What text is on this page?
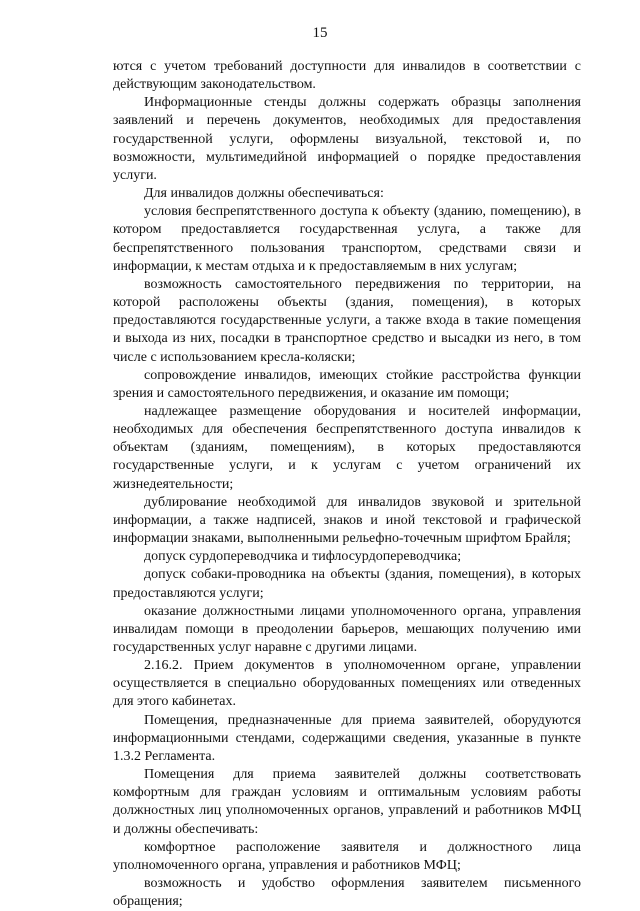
15

ются с учетом требований доступности для инвалидов в соответствии с действующим законодательством.

Информационные стенды должны содержать образцы заполнения заявлений и перечень документов, необходимых для предоставления государственной услуги, оформлены визуальной, текстовой и, по возможности, мультимедийной информацией о порядке предоставления услуги.

Для инвалидов должны обеспечиваться:

условия беспрепятственного доступа к объекту (зданию, помещению), в котором предоставляется государственная услуга, а также для беспрепятственного пользования транспортом, средствами связи и информации, к местам отдыха и к предоставляемым в них услугам;

возможность самостоятельного передвижения по территории, на которой расположены объекты (здания, помещения), в которых предоставляются государственные услуги, а также входа в такие помещения и выхода из них, посадки в транспортное средство и высадки из него, в том числе с использованием кресла-коляски;

сопровождение инвалидов, имеющих стойкие расстройства функции зрения и самостоятельного передвижения, и оказание им помощи;

надлежащее размещение оборудования и носителей информации, необходимых для обеспечения беспрепятственного доступа инвалидов к объектам (зданиям, помещениям), в которых предоставляются государственные услуги, и к услугам с учетом ограничений их жизнедеятельности;

дублирование необходимой для инвалидов звуковой и зрительной информации, а также надписей, знаков и иной текстовой и графической информации знаками, выполненными рельефно-точечным шрифтом Брайля;

допуск сурдопереводчика и тифлосурдопереводчика;

допуск собаки-проводника на объекты (здания, помещения), в которых предоставляются услуги;

оказание должностными лицами уполномоченного органа, управления инвалидам помощи в преодолении барьеров, мешающих получению ими государственных услуг наравне с другими лицами.

2.16.2. Прием документов в уполномоченном органе, управлении осуществляется в специально оборудованных помещениях или отведенных для этого кабинетах.

Помещения, предназначенные для приема заявителей, оборудуются информационными стендами, содержащими сведения, указанные в пункте 1.3.2 Регламента.

Помещения для приема заявителей должны соответствовать комфортным для граждан условиям и оптимальным условиям работы должностных лиц уполномоченных органов, управлений и работников МФЦ и должны обеспечивать:

комфортное расположение заявителя и должностного лица уполномоченного органа, управления и работников МФЦ;

возможность и удобство оформления заявителем письменного обращения;
